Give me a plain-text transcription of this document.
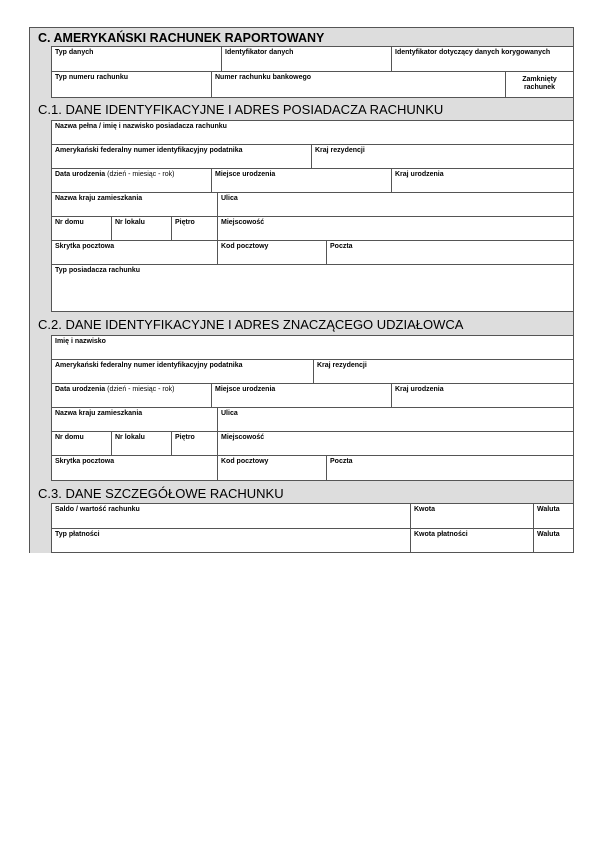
C. AMERYKAŃSKI RACHUNEK RAPORTOWANY
Typ danych	Identyfikator danych	Identyfikator dotyczący danych korygowanych
Typ numeru rachunku	Numer rachunku bankowego	Zamknięty
rachunek
C.1. DANE IDENTYFIKACYJNE I ADRES POSIADACZA RACHUNKU
Nazwa pełna / imię i nazwisko posiadacza rachunku
Amerykański federalny numer identyfikacyjny podatnika	Kraj rezydencji
Data urodzenia (dzień - miesiąc - rok)	Miejsce urodzenia	Kraj urodzenia
Nazwa kraju zamieszkania	Ulica
Nr domu	Nr lokalu	Piętro	Miejscowość
Skrytka pocztowa	Kod pocztowy	Poczta
Typ posiadacza rachunku
C.2. DANE IDENTYFIKACYJNE I ADRES ZNACZĄCEGO UDZIAŁOWCA
Imię i nazwisko
Amerykański federalny numer identyfikacyjny podatnika	Kraj rezydencji
Data urodzenia (dzień - miesiąc - rok)	Miejsce urodzenia	Kraj urodzenia
Nazwa kraju zamieszkania	Ulica
Nr domu	Nr lokalu	Piętro	Miejscowość
Skrytka pocztowa	Kod pocztowy	Poczta
C.3. DANE SZCZEGÓŁOWE RACHUNKU
Saldo / wartość rachunku	Kwota	Waluta
Typ płatności	Kwota płatności	Waluta
